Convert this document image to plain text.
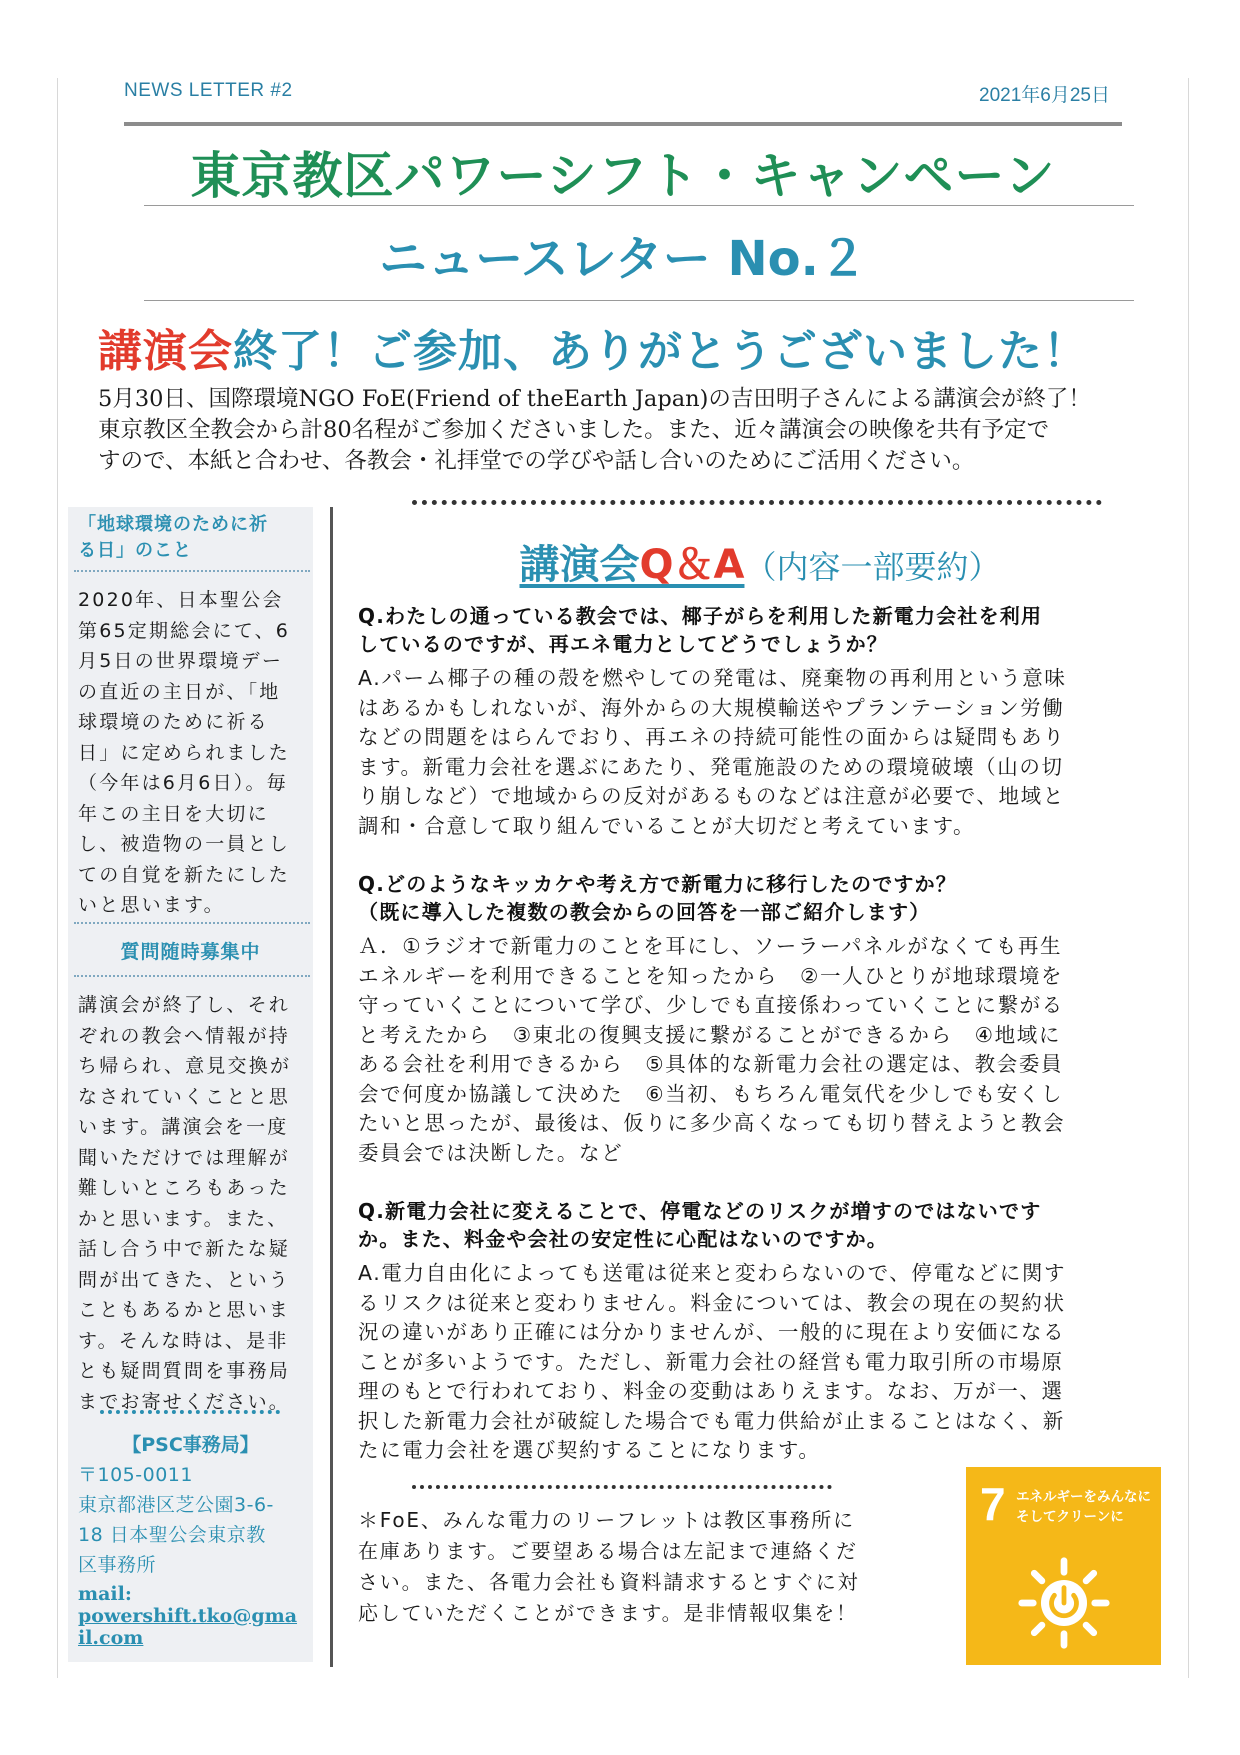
NEWS LETTER #2	2021年6月25日
東京教区パワーシフト・キャンペーン
ニュースレター No.２
講演会終了！ご参加、ありがとうございました！

5月30日、国際環境NGO FoE(Friend of theEarth Japan)の吉田明子さんによる講演会が終了！

東京教区全教会から計80名程がご参加くださいました。また、近々講演会の映像を共有予定で

すので、本紙と合わせ、各教会・礼拝堂での学びや話し合いのためにご活用ください。

「地球環境のために祈

る日」のこと

2020年、日本聖公会

第65定期総会にて、6

月5日の世界環境デー

の直近の主日が、「地

球環境のために祈る

日」に定められました

（今年は6月6日）。毎

年この主日を大切に

し、被造物の一員とし

ての自覚を新たにした

いと思います。

質問随時募集中

講演会が終了し、それ

ぞれの教会へ情報が持

ち帰られ、意見交換が

なされていくことと思

います。講演会を一度

聞いただけでは理解が

難しいところもあった

かと思います。また、

話し合う中で新たな疑

問が出てきた、という

こともあるかと思いま

す。そんな時は、是非

とも疑問質問を事務局

までお寄せください。

【PSC事務局】

〒105-0011

東京都港区芝公園3-6-

18 日本聖公会東京教

区事務所

mail:

powershift.tko@gma

il.com

講演会Q＆A（内容一部要約）

Q.わたしの通っている教会では、椰子がらを利用した新電力会社を利用

しているのですが、再エネ電力としてどうでしょうか？

A.パーム椰子の種の殻を燃やしての発電は、廃棄物の再利用という意味

はあるかもしれないが、海外からの大規模輸送やプランテーション労働

などの問題をはらんでおり、再エネの持続可能性の面からは疑問もあり

ます。新電力会社を選ぶにあたり、発電施設のための環境破壊（山の切

り崩しなど）で地域からの反対があるものなどは注意が必要で、地域と

調和・合意して取り組んでいることが大切だと考えています。

Q.どのようなキッカケや考え方で新電力に移行したのですか？

（既に導入した複数の教会からの回答を一部ご紹介します）

Ａ．①ラジオで新電力のことを耳にし、ソーラーパネルがなくても再生

エネルギーを利用できることを知ったから　②一人ひとりが地球環境を

守っていくことについて学び、少しでも直接係わっていくことに繋がる

と考えたから　③東北の復興支援に繋がることができるから　④地域に

ある会社を利用できるから　⑤具体的な新電力会社の選定は、教会委員

会で何度か協議して決めた　⑥当初、もちろん電気代を少しでも安くし

たいと思ったが、最後は、仮りに多少高くなっても切り替えようと教会

委員会では決断した。など

Q.新電力会社に変えることで、停電などのリスクが増すのではないです

か。また、料金や会社の安定性に心配はないのですか。

A.電力自由化によっても送電は従来と変わらないので、停電などに関す

るリスクは従来と変わりません。料金については、教会の現在の契約状

況の違いがあり正確には分かりませんが、一般的に現在より安価になる

ことが多いようです。ただし、新電力会社の経営も電力取引所の市場原

理のもとで行われており、料金の変動はありえます。なお、万が一、選

択した新電力会社が破綻した場合でも電力供給が止まることはなく、新

たに電力会社を選び契約することになります。

＊FoE、みんな電力のリーフレットは教区事務所に

在庫あります。ご要望ある場合は左記まで連絡くだ

さい。また、各電力会社も資料請求するとすぐに対

応していただくことができます。是非情報収集を！

7 エネルギーをみんなに

そしてクリーンに
